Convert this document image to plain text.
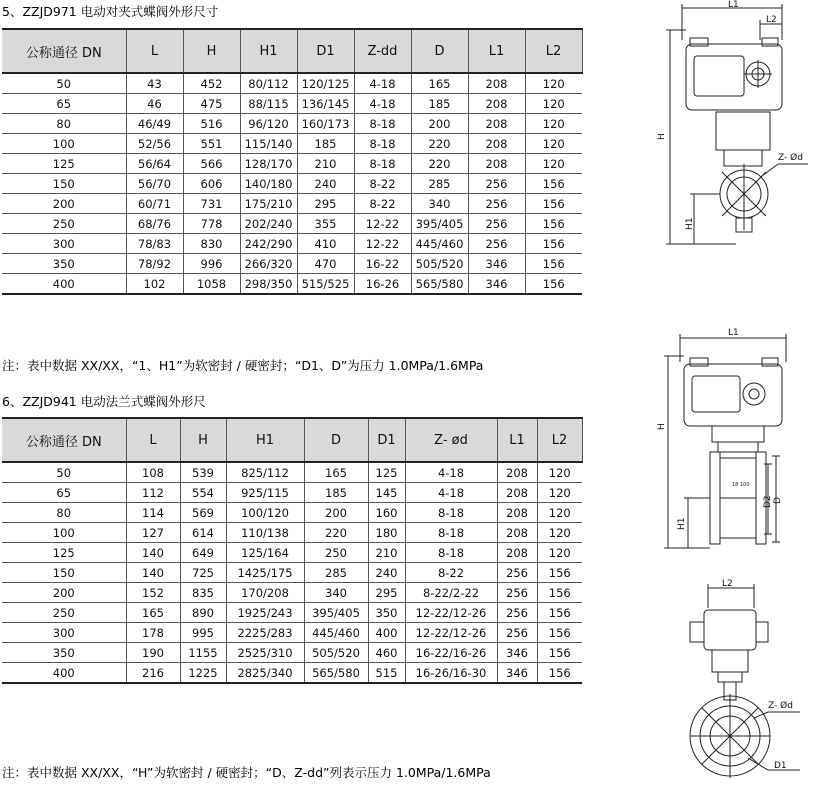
5、ZZJD971 电动对夹式蝶阀外形尺寸
公称通径 DN	L	H	H1	D1	Z-dd	D	L1	L2
50	43	452	80/112	120/125	4-18	165	208	120
65	46	475	88/115	136/145	4-18	185	208	120
80	46/49	516	96/120	160/173	8-18	200	208	120
100	52/56	551	115/140	185	8-18	220	208	120
125	56/64	566	128/170	210	8-18	220	208	120
150	56/70	606	140/180	240	8-22	285	256	156
200	60/71	731	175/210	295	8-22	340	256	156
250	68/76	778	202/240	355	12-22	395/405	256	156
300	78/83	830	242/290	410	12-22	445/460	256	156
350	78/92	996	266/320	470	16-22	505/520	346	156
400	102	1058	298/350	515/525	16-26	565/580	346	156
注：表中数据 XX/XX，“1、H1”为软密封 / 硬密封；“D1、D”为压力 1.0MPa/1.6MPa
6、ZZJD941 电动法兰式蝶阀外形尺
公称通径 DN	L	H	H1	D	D1	Z- ød	L1	L2
50	108	539	825/112	165	125	4-18	208	120
65	112	554	925/115	185	145	4-18	208	120
80	114	569	100/120	200	160	8-18	208	120
100	127	614	110/138	220	180	8-18	208	120
125	140	649	125/164	250	210	8-18	208	120
150	140	725	1425/175	285	240	8-22	256	156
200	152	835	170/208	340	295	8-22/2-22	256	156
250	165	890	1925/243	395/405	350	12-22/12-26	256	156
300	178	995	2225/283	445/460	400	12-22/12-26	256	156
350	190	1155	2525/310	505/520	460	16-22/16-26	346	156
400	216	1225	2825/340	565/580	515	16-26/16-30	346	156
注：表中数据 XX/XX，“H”为软密封 / 硬密封；“D、Z-dd”列表示压力 1.0MPa/1.6MPa
L1
L2
H
H1
Z- Ød
L1
H
H1
D2 D
18 100
L2
Z- Ød
D1
